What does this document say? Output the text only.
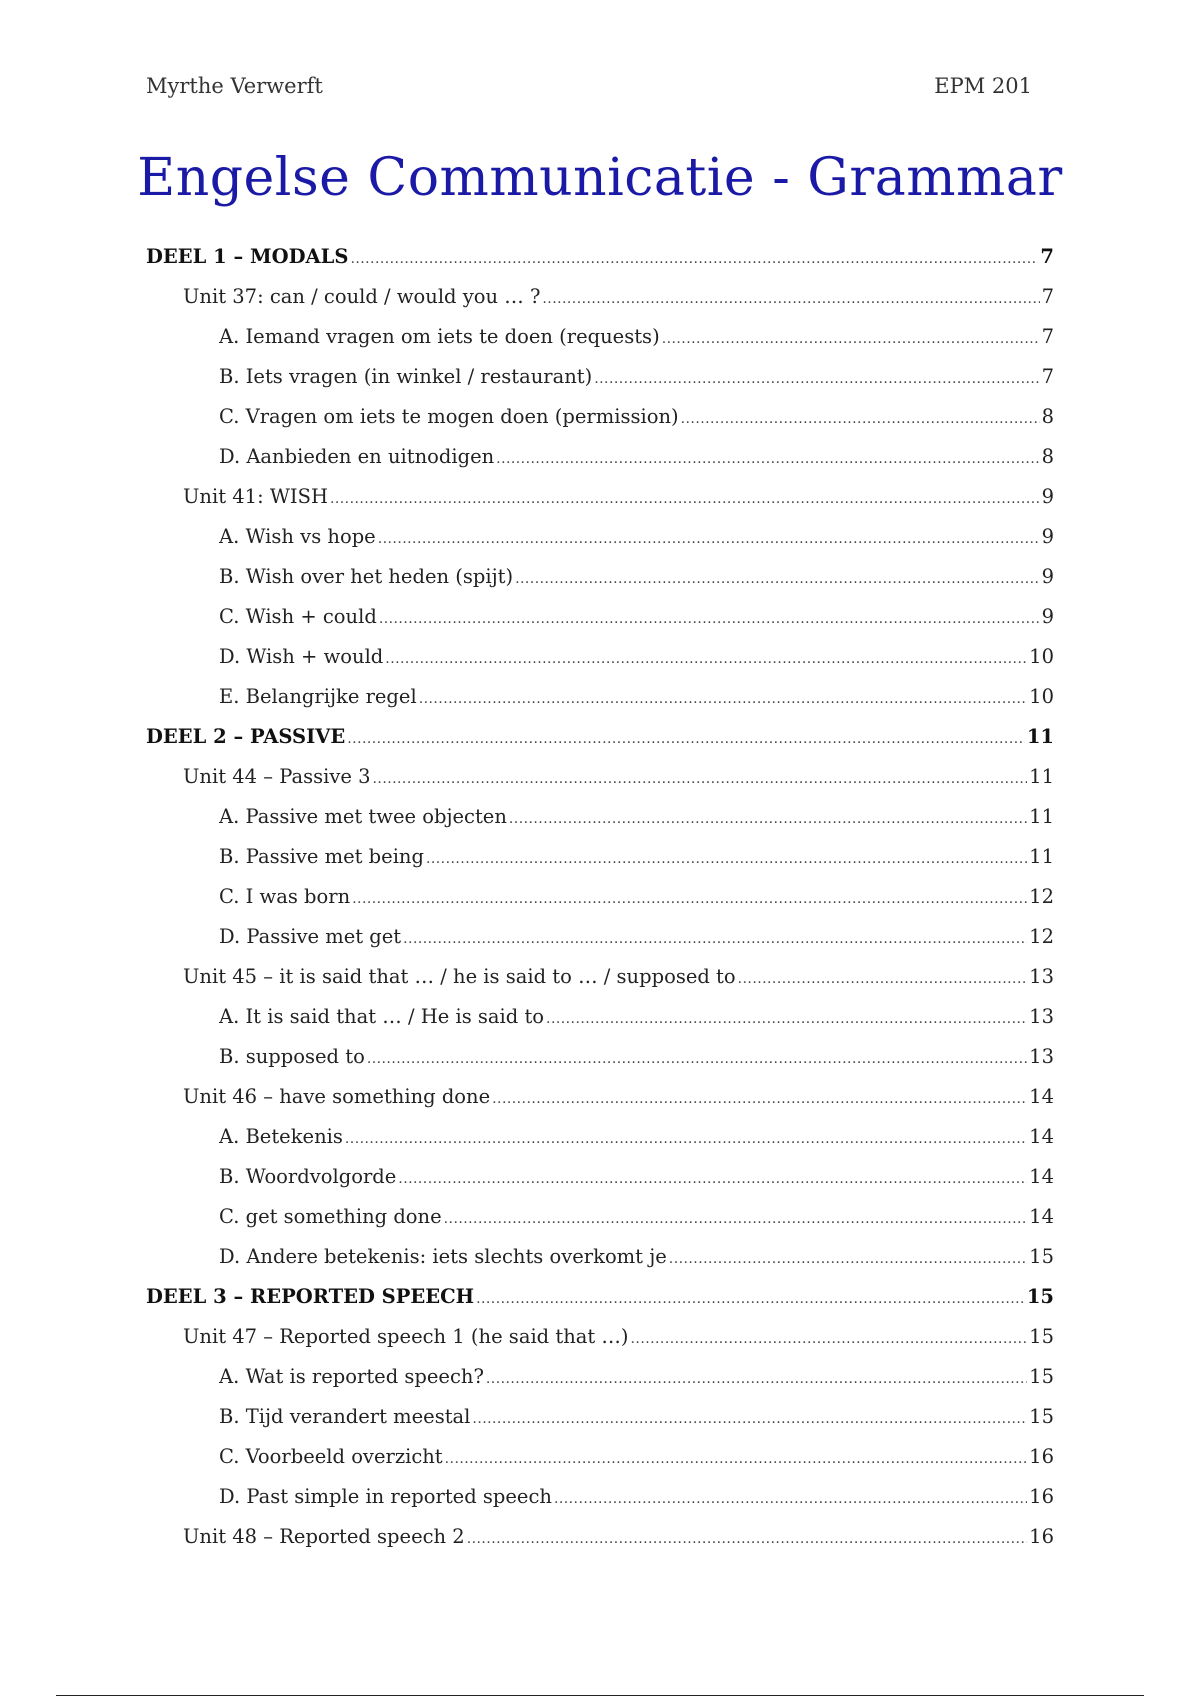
Myrthe Verwerft	EPM 201
Engelse Communicatie - Grammar
DEEL 1 – MODALS . . .	7
Unit 37: can / could / would you … ? . . .	7
A. Iemand vragen om iets te doen (requests) . . .	7
B. Iets vragen (in winkel / restaurant) . . .	7
C. Vragen om iets te mogen doen (permission) . . .	8
D. Aanbieden en uitnodigen . . .	8
Unit 41: WISH . . .	9
A. Wish vs hope . . .	9
B. Wish over het heden (spijt) . . .	9
C. Wish + could . . .	9
D. Wish + would . . .	10
E. Belangrijke regel . . .	10
DEEL 2 – PASSIVE . . .	11
Unit 44 – Passive 3 . . .	11
A. Passive met twee objecten . . .	11
B. Passive met being . . .	11
C. I was born . . .	12
D. Passive met get . . .	12
Unit 45 – it is said that … / he is said to … / supposed to . . .	13
A. It is said that … / He is said to . . .	13
B. supposed to . . .	13
Unit 46 – have something done . . .	14
A. Betekenis . . .	14
B. Woordvolgorde . . .	14
C. get something done . . .	14
D. Andere betekenis: iets slechts overkomt je . . .	15
DEEL 3 – REPORTED SPEECH . . .	15
Unit 47 – Reported speech 1 (he said that …) . . .	15
A. Wat is reported speech? . . .	15
B. Tijd verandert meestal . . .	15
C. Voorbeeld overzicht . . .	16
D. Past simple in reported speech . . .	16
Unit 48 – Reported speech 2 . . .	16
